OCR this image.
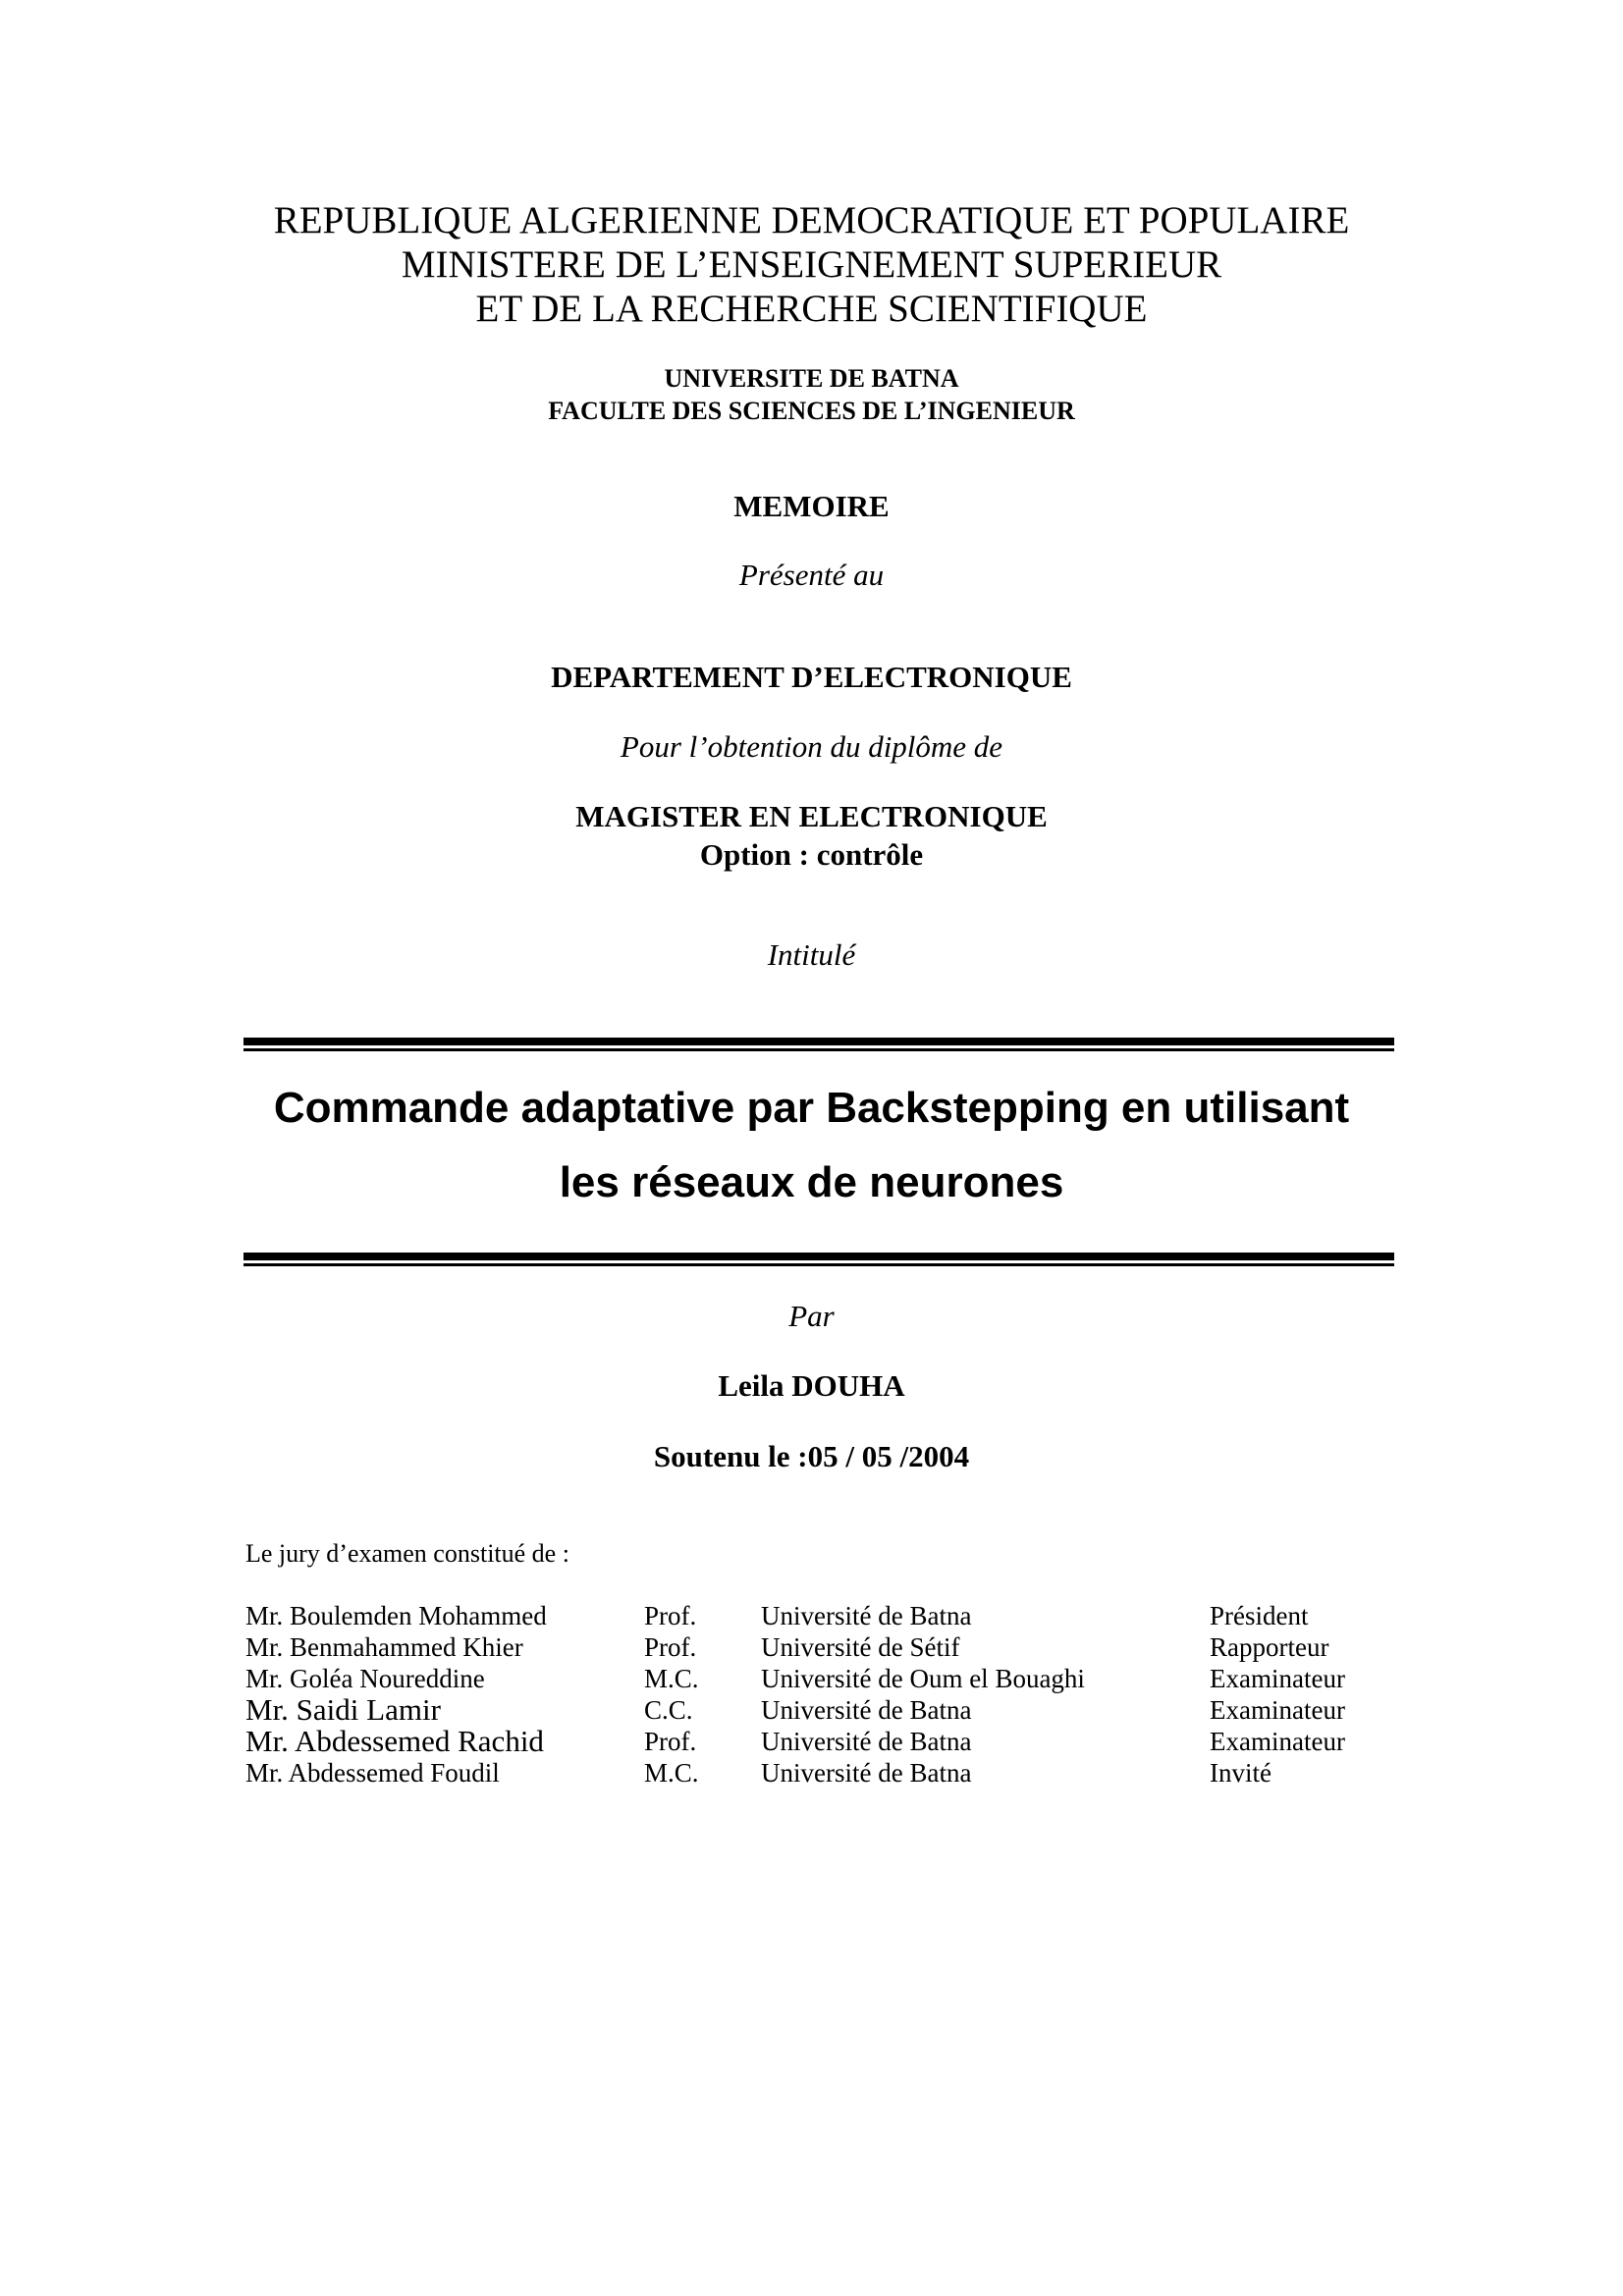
REPUBLIQUE ALGERIENNE DEMOCRATIQUE ET POPULAIRE
MINISTERE DE L’ENSEIGNEMENT SUPERIEUR
ET DE LA RECHERCHE SCIENTIFIQUE
UNIVERSITE DE BATNA
FACULTE DES SCIENCES DE L’INGENIEUR
MEMOIRE
Présenté au
DEPARTEMENT D’ELECTRONIQUE
Pour l’obtention du diplôme de
MAGISTER EN ELECTRONIQUE
Option : contrôle
Intitulé
Commande adaptative par Backstepping en utilisant
les réseaux de neurones
Par
Leila DOUHA
Soutenu le :05 / 05 /2004
Le jury d’examen constitué de :
Mr. Boulemden Mohammed	Prof.	Université de Batna	Président
Mr. Benmahammed Khier	Prof.	Université de Sétif	Rapporteur
Mr. Goléa Noureddine	M.C.	Université de Oum el Bouaghi	Examinateur
Mr. Saidi Lamir	C.C.	Université de Batna	Examinateur
Mr. Abdessemed Rachid	Prof.	Université de Batna	Examinateur
Mr. Abdessemed Foudil	M.C.	Université de Batna	Invité
